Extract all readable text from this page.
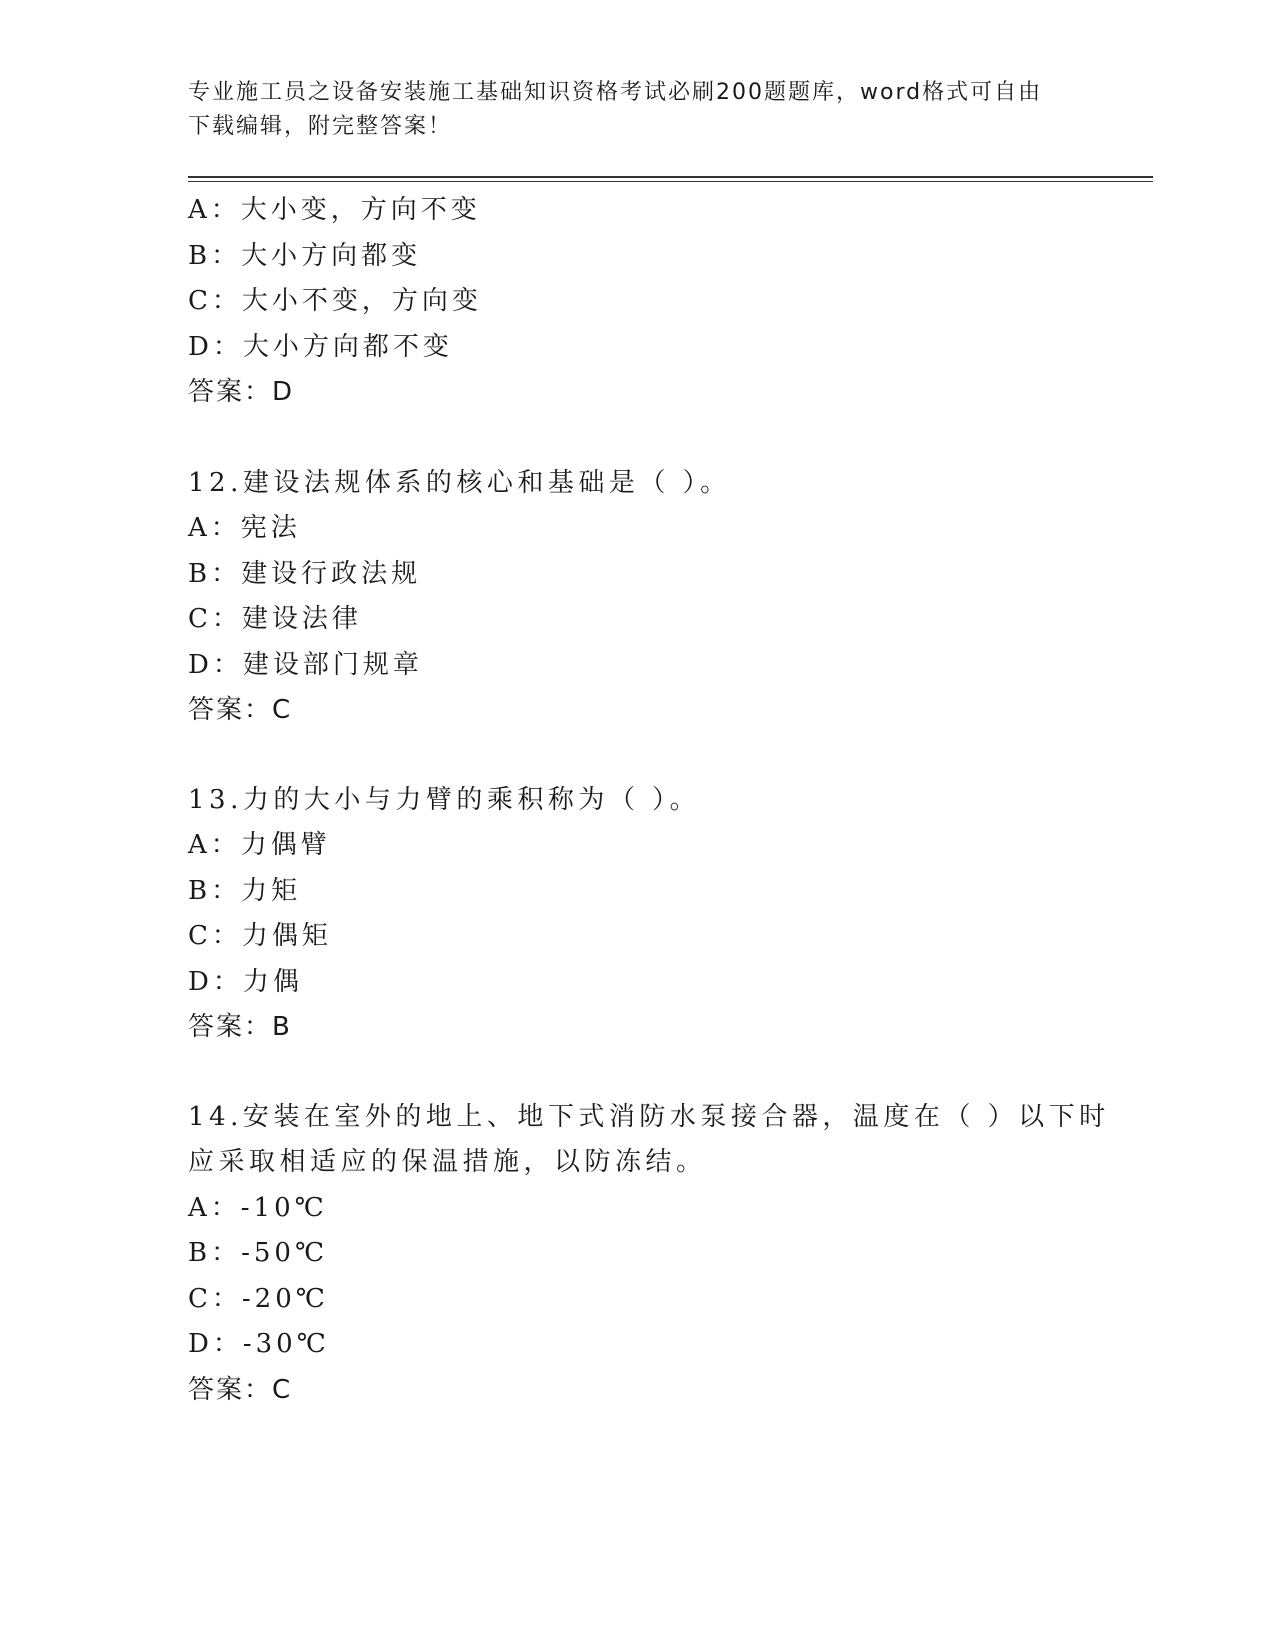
专业施工员之设备安装施工基础知识资格考试必刷200题题库，word格式可自由
下载编辑，附完整答案！
A：大小变，方向不变
B：大小方向都变
C：大小不变，方向变
D：大小方向都不变
答案：D
12.建设法规体系的核心和基础是（ ）。
A：宪法
B：建设行政法规
C：建设法律
D：建设部门规章
答案：C
13.力的大小与力臂的乘积称为（ ）。
A：力偶臂
B：力矩
C：力偶矩
D：力偶
答案：B
14.安装在室外的地上、地下式消防水泵接合器，温度在（ ）以下时
应采取相适应的保温措施，以防冻结。
A：-10℃
B：-50℃
C：-20℃
D：-30℃
答案：C
